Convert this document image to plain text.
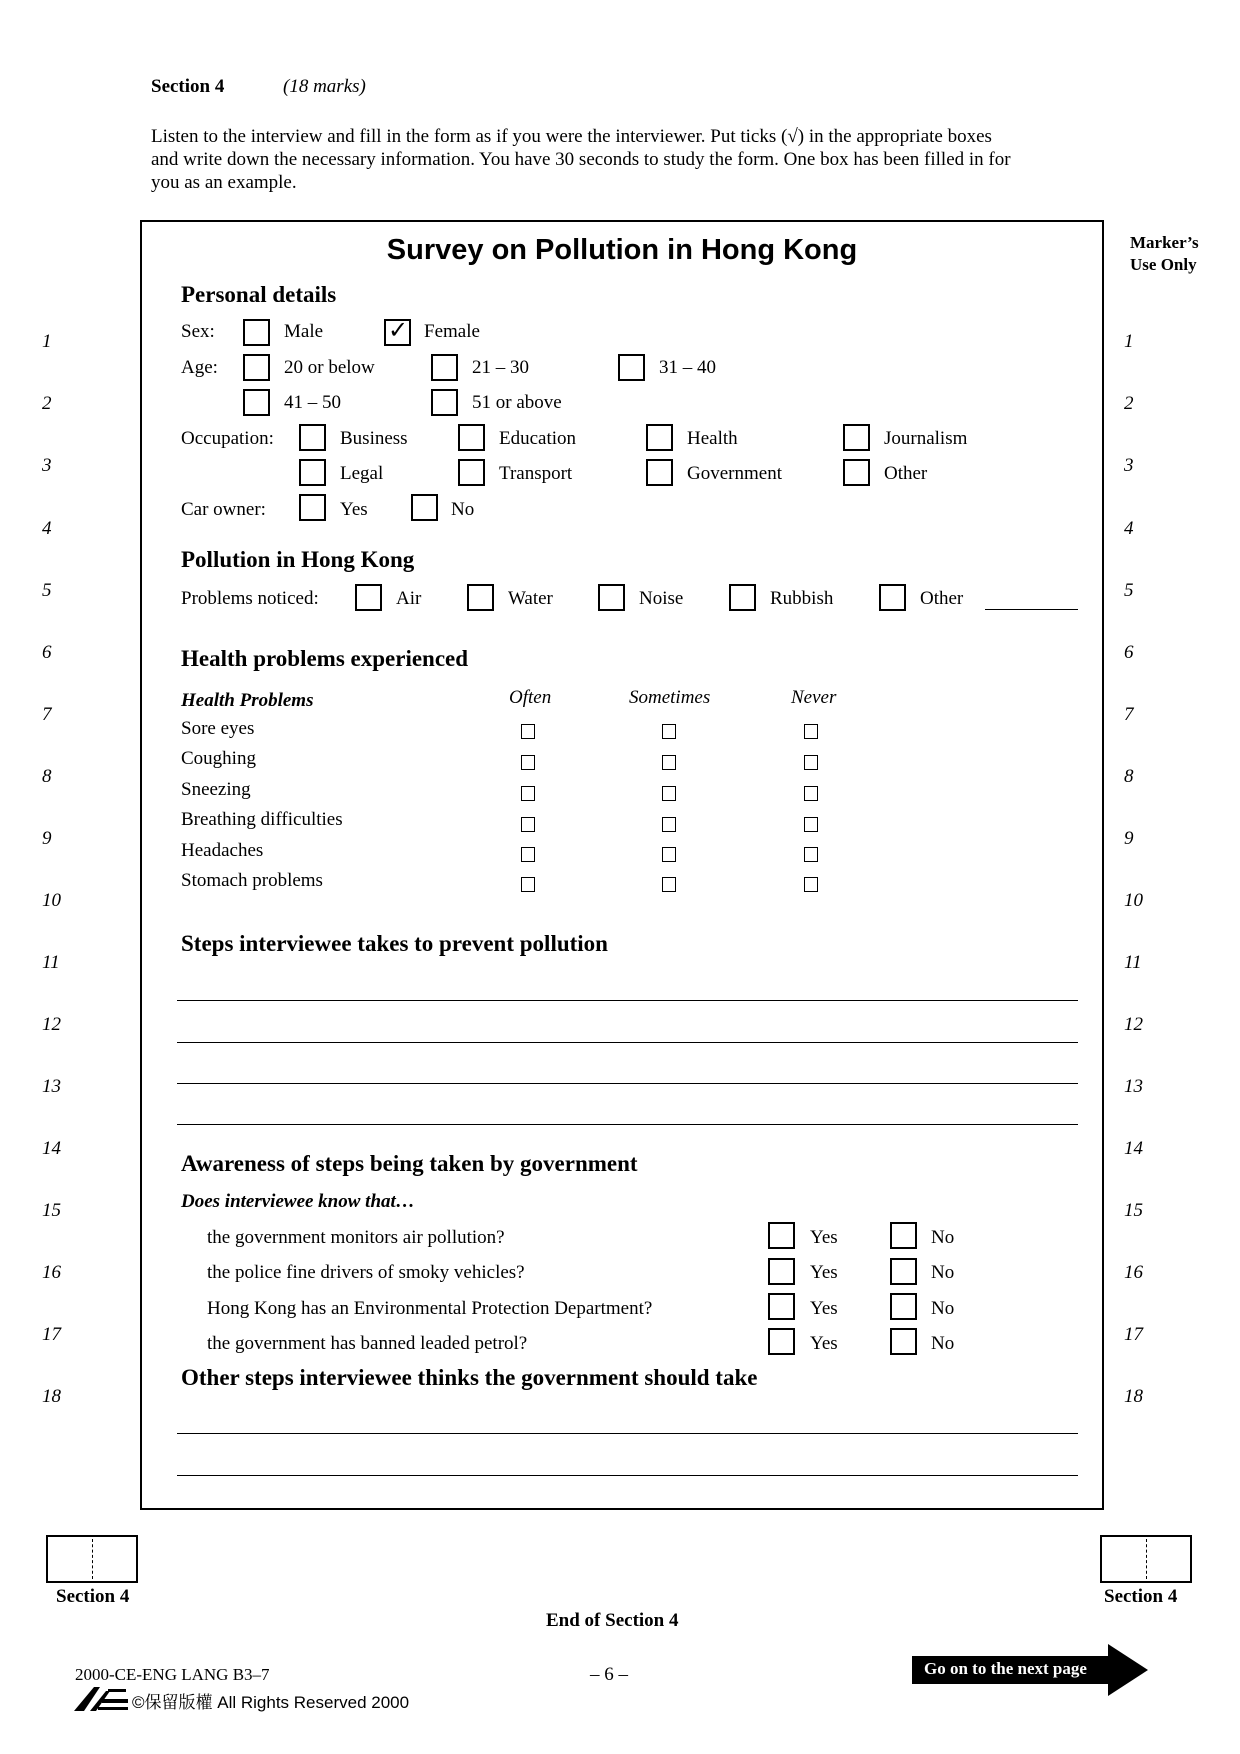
Section 4	(18 marks)
Listen to the interview and fill in the form as if you were the interviewer. Put ticks (√) in the appropriate boxes
and write down the necessary information. You have 30 seconds to study the form. One box has been filled in for
you as an example.
Marker’s
Use Only
1
2
3
4
5
6
7
8
9
10
11
12
13
14
15
16
17
18
1
2
3
4
5
6
7
8
9
10
11
12
13
14
15
16
17
18
Survey on Pollution in Hong Kong
Personal details
Sex:	Male	✓ Female
Age:	20 or below	21 – 30	31 – 40
41 – 50	51 or above
Occupation:	Business	Education	Health	Journalism
Legal	Transport	Government	Other
Car owner:	Yes	No
Pollution in Hong Kong
Problems noticed:	Air	Water	Noise	Rubbish	Other
Health problems experienced
Health Problems	Often	Sometimes	Never
Sore eyes
Coughing
Sneezing
Breathing difficulties
Headaches
Stomach problems
Steps interviewee takes to prevent pollution
Awareness of steps being taken by government
Does interviewee know that…
the government monitors air pollution?	Yes	No
the police fine drivers of smoky vehicles?	Yes	No
Hong Kong has an Environmental Protection Department?	Yes	No
the government has banned leaded petrol?	Yes	No
Other steps interviewee thinks the government should take
Section 4	Section 4
End of Section 4
2000-CE-ENG LANG B3–7	– 6 –
©保留版權 All Rights Reserved 2000
Go on to the next page
